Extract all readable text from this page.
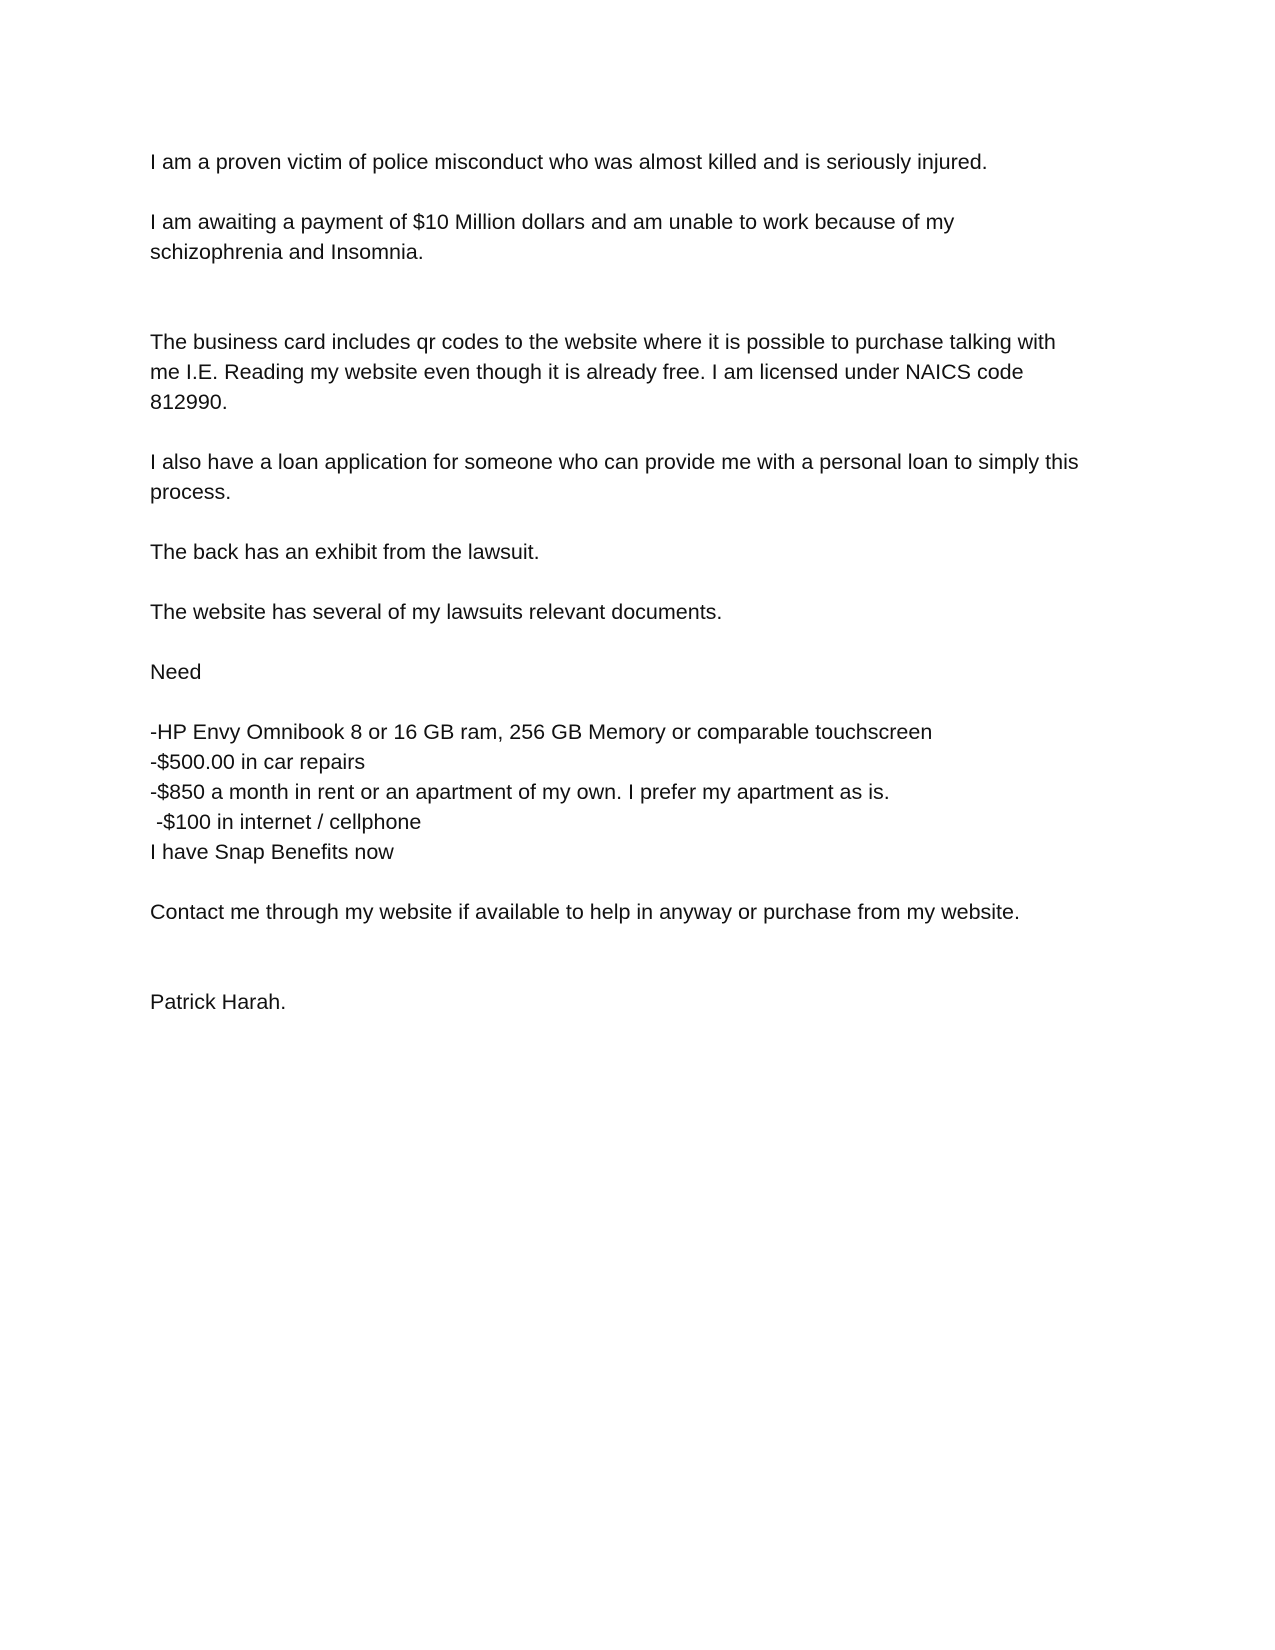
I am a proven victim of police misconduct who was almost killed and is seriously injured.

I am awaiting a payment of $10 Million dollars and am unable to work because of my schizophrenia and Insomnia.

The business card includes qr codes to the website where it is possible to purchase talking with me I.E. Reading my website even though it is already free. I am licensed under NAICS code 812990.

I also have a loan application for someone who can provide me with a personal loan to simply this process.

The back has an exhibit from the lawsuit.

The website has several of my lawsuits relevant documents.

Need

-HP Envy Omnibook 8 or 16 GB ram, 256 GB Memory or comparable touchscreen
-$500.00 in car repairs
-$850 a month in rent or an apartment of my own. I prefer my apartment as is.
-$100 in internet / cellphone
I have Snap Benefits now

Contact me through my website if available to help in anyway or purchase from my website.

Patrick Harah.
